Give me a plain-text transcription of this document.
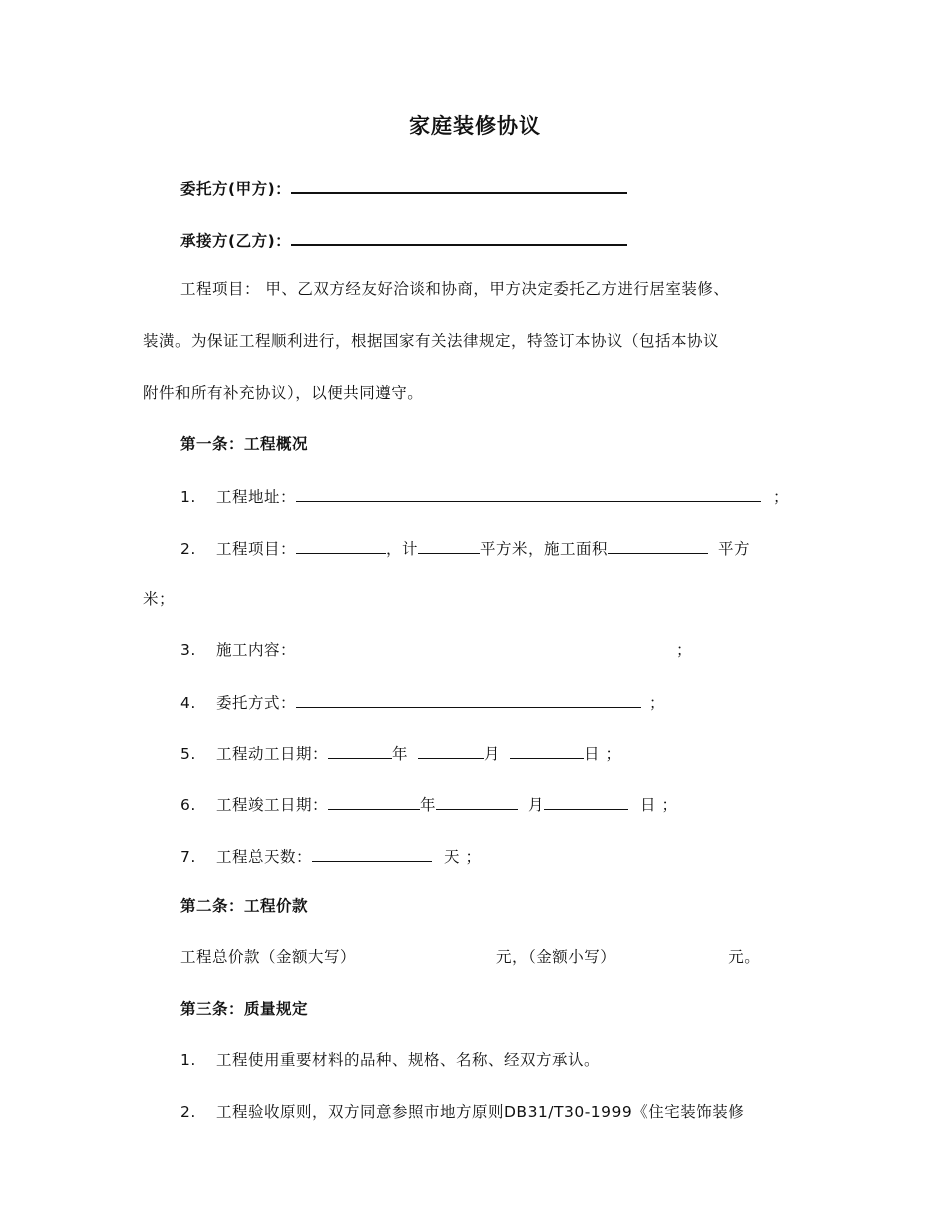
家庭装修协议
委托方(甲方)：
承接方(乙方)：
工程项目： 甲、乙双方经友好洽谈和协商，甲方决定委托乙方进行居室装修、
装潢。为保证工程顺利进行，根据国家有关法律规定，特签订本协议（包括本协议
附件和所有补充协议），以便共同遵守。
第一条：工程概况
1. 工程地址：	；
2. 工程项目：	，计	平方米，施工面积	平方
米；
3. 施工内容：	；
4. 委托方式：	；
5. 工程动工日期：	年	月	日 ；
6. 工程竣工日期：	年	月	日 ；
7. 工程总天数：	天 ；
第二条：工程价款
工程总价款（金额大写）	元，（金额小写）	元。
第三条：质量规定
1. 工程使用重要材料的品种、规格、名称、经双方承认。
2. 工程验收原则，双方同意参照市地方原则DB31/T30-1999《住宅装饰装修
